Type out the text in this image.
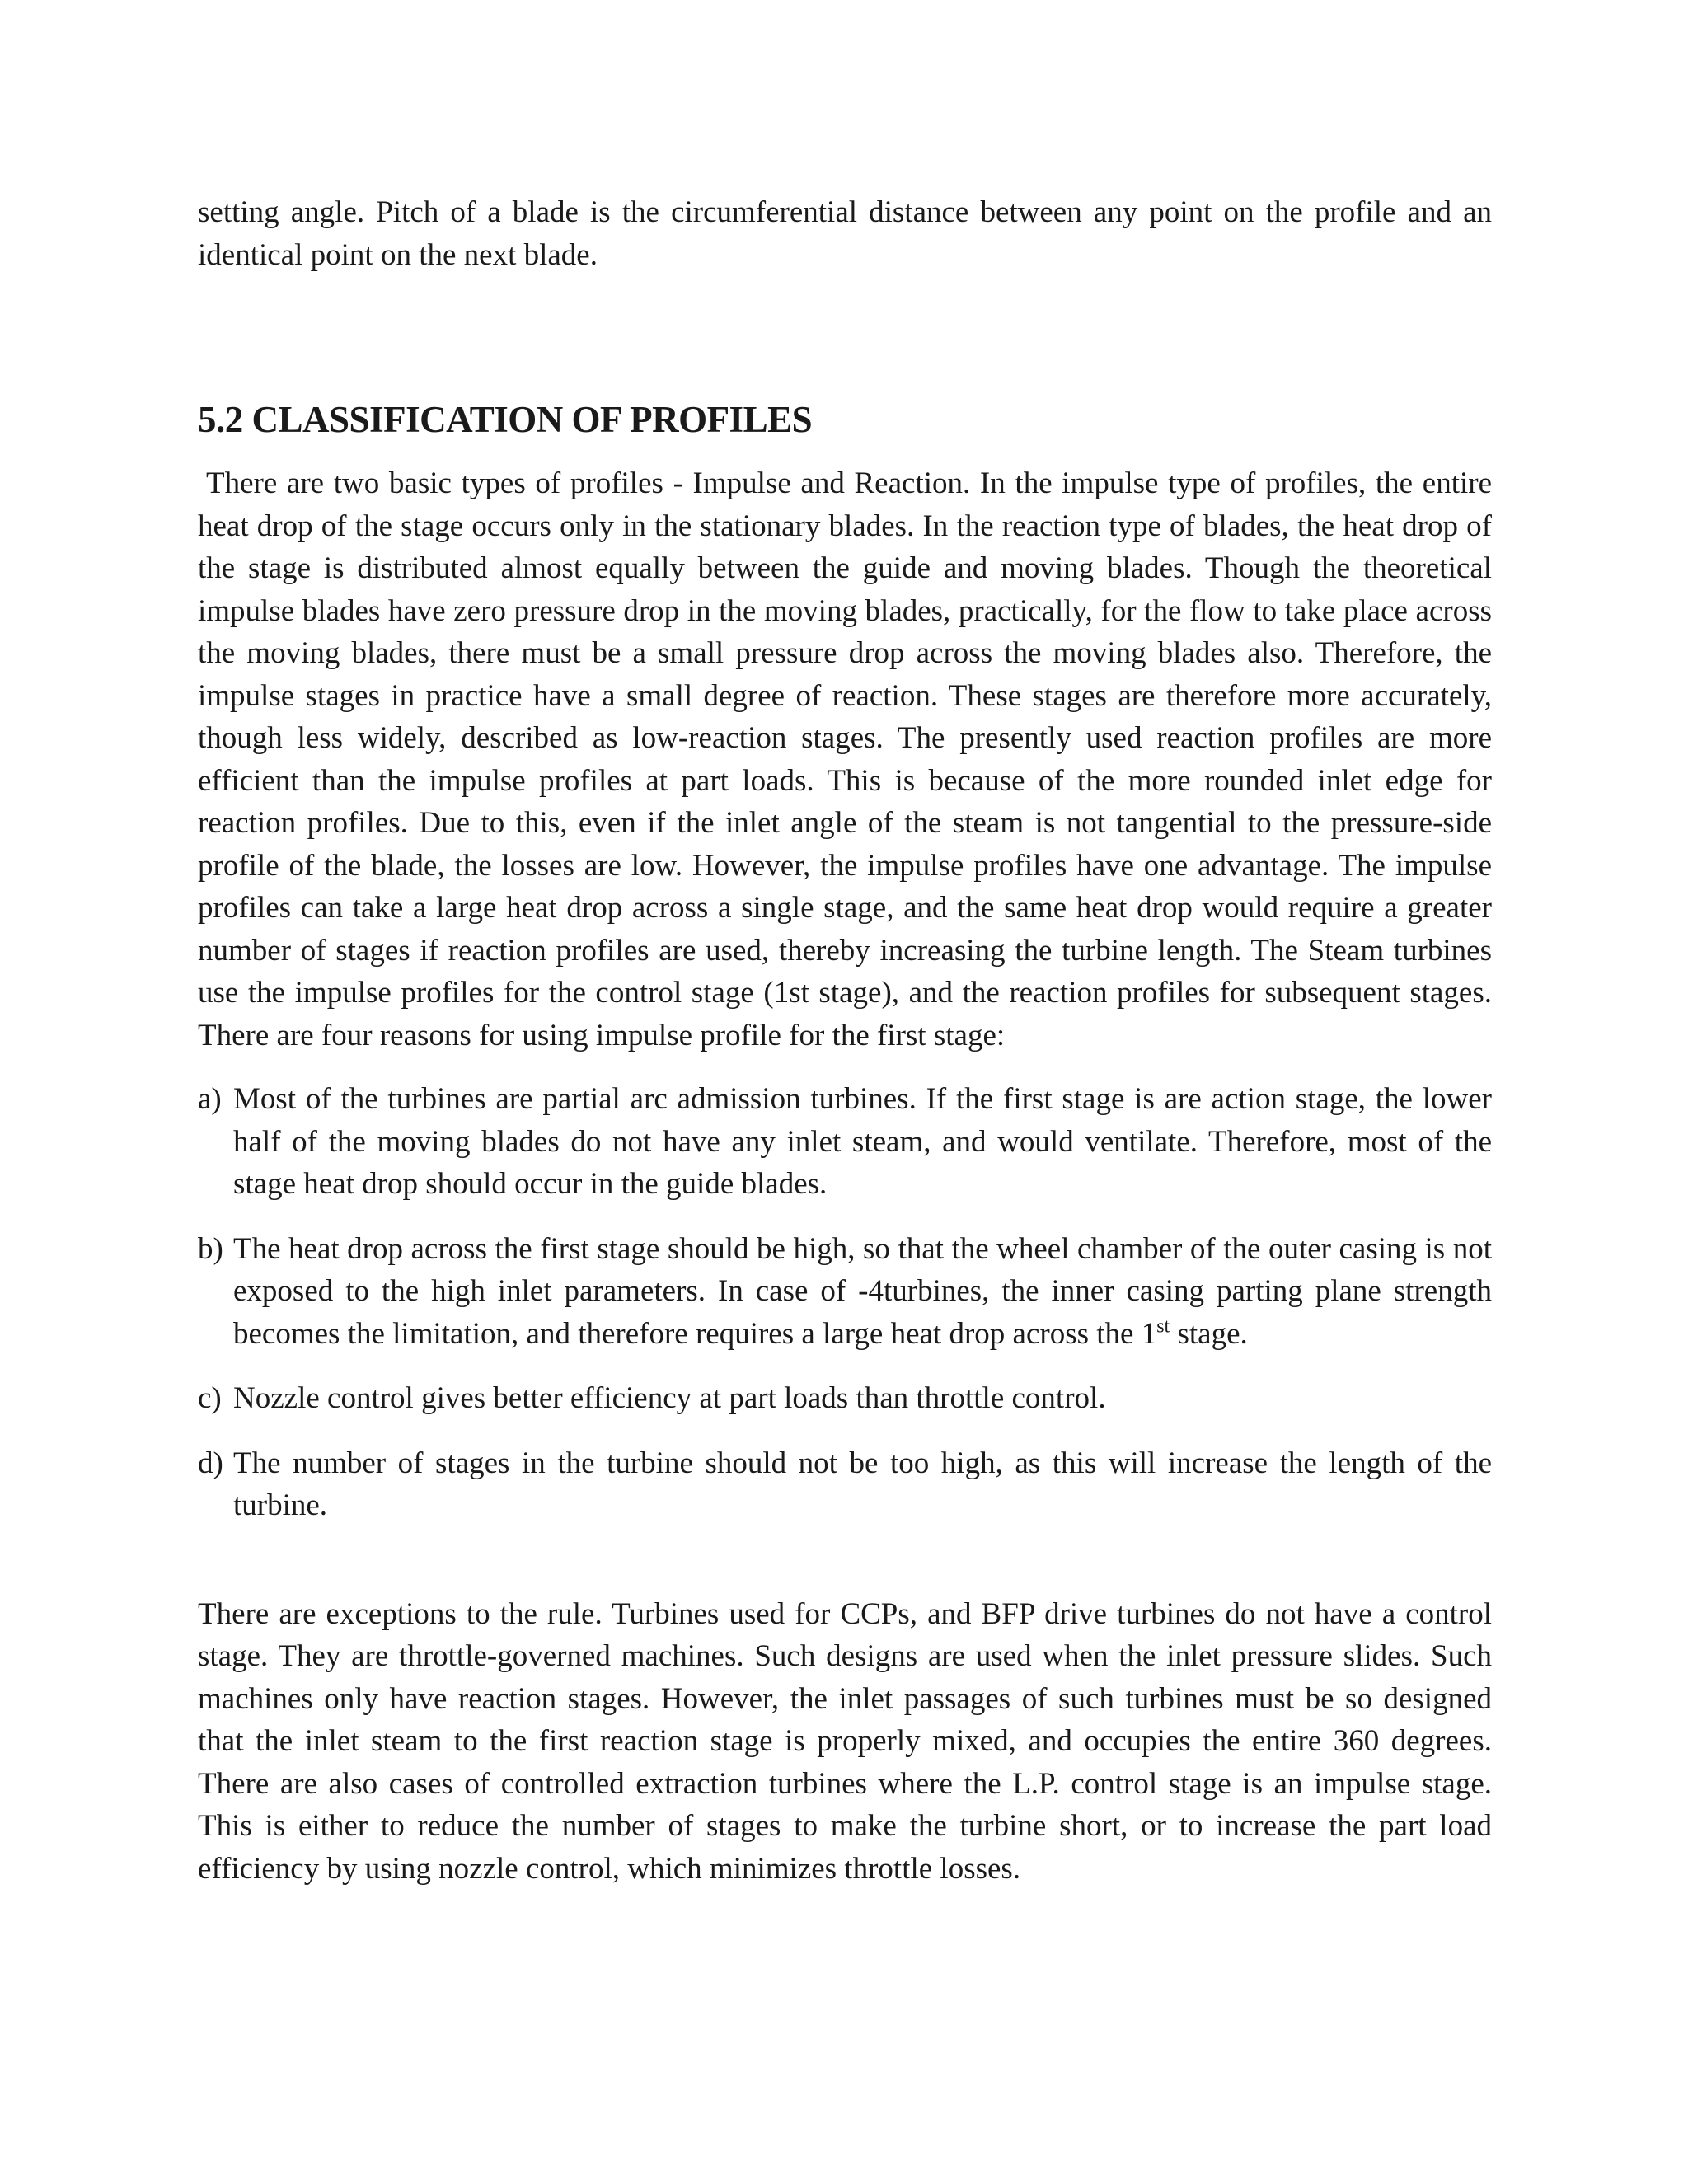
setting angle. Pitch of a blade is the circumferential distance between any point on the profile and an identical point on the next blade.

5.2 CLASSIFICATION OF PROFILES

There are two basic types of profiles - Impulse and Reaction. In the impulse type of profiles, the entire heat drop of the stage occurs only in the stationary blades. In the reaction type of blades, the heat drop of the stage is distributed almost equally between the guide and moving blades. Though the theoretical impulse blades have zero pressure drop in the moving blades, practically, for the flow to take place across the moving blades, there must be a small pressure drop across the moving blades also. Therefore, the impulse stages in practice have a small degree of reaction. These stages are therefore more accurately, though less widely, described as low-reaction stages. The presently used reaction profiles are more efficient than the impulse profiles at part loads. This is because of the more rounded inlet edge for reaction profiles. Due to this, even if the inlet angle of the steam is not tangential to the pressure-side profile of the blade, the losses are low. However, the impulse profiles have one advantage. The impulse profiles can take a large heat drop across a single stage, and the same heat drop would require a greater number of stages if reaction profiles are used, thereby increasing the turbine length. The Steam turbines use the impulse profiles for the control stage (1st stage), and the reaction profiles for subsequent stages. There are four reasons for using impulse profile for the first stage:

a) Most of the turbines are partial arc admission turbines. If the first stage is are action stage, the lower half of the moving blades do not have any inlet steam, and would ventilate. Therefore, most of the stage heat drop should occur in the guide blades.
b) The heat drop across the first stage should be high, so that the wheel chamber of the outer casing is not exposed to the high inlet parameters. In case of -4turbines, the inner casing parting plane strength becomes the limitation, and therefore requires a large heat drop across the 1st stage.
c) Nozzle control gives better efficiency at part loads than throttle control.
d) The number of stages in the turbine should not be too high, as this will increase the length of the turbine.

There are exceptions to the rule. Turbines used for CCPs, and BFP drive turbines do not have a control stage. They are throttle-governed machines. Such designs are used when the inlet pressure slides. Such machines only have reaction stages. However, the inlet passages of such turbines must be so designed that the inlet steam to the first reaction stage is properly mixed, and occupies the entire 360 degrees. There are also cases of controlled extraction turbines where the L.P. control stage is an impulse stage. This is either to reduce the number of stages to make the turbine short, or to increase the part load efficiency by using nozzle control, which minimizes throttle losses.
